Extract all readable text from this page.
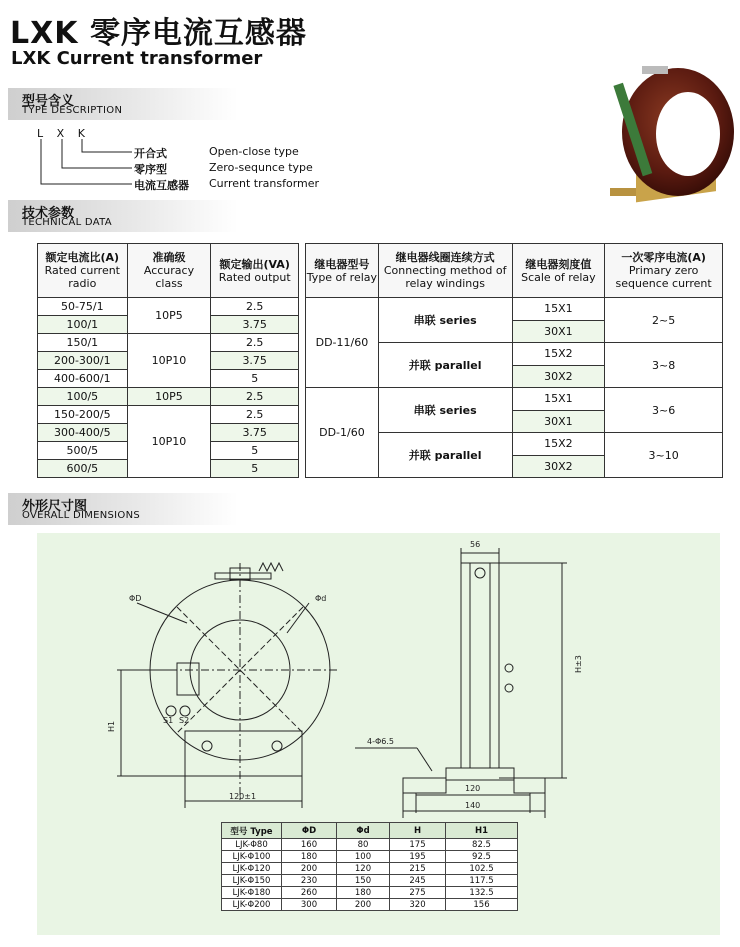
LXK 零序电流互感器
LXK Current transformer
型号含义
TYPE DESCRIPTION
L X K
开合式	Open-close type
零序型	Zero-sequnce type
电流互感器 Current transformer
技术参数
TECHNICAL DATA
额定电流比(A)
Rated current
radio	准确级
Accuracy
class	额定输出(VA)
Rated output
50-75/1	10P5	2.5
100/1		3.75
150/1	10P10	2.5
200-300/1		3.75
400-600/1		5
100/5	10P5	2.5
150-200/5	10P10	2.5
300-400/5		3.75
500/5		5
600/5		5
继电器型号
Type of relay	继电器线圈连续方式
Connecting method of
relay windings	继电器刻度值
Scale of relay	一次零序电流(A)
Primary zero
sequence current
DD-11/60	串联 series	15X1	2~5
		30X1	
	并联 parallel	15X2	3~8
		30X2	
DD-1/60	串联 series	15X1	3~6
		30X1	
	并联 parallel	15X2	3~10
		30X2	
外形尺寸图
OVERALL DIMENSIONS
ΦD	Φd
H1
S1 S2
120±1
56
H±3
4-Φ6.5
120
140
型号 Type	ΦD	Φd	H	H1
LJK-Φ80	160	80	175	82.5
LJK-Φ100	180	100	195	92.5
LJK-Φ120	200	120	215	102.5
LJK-Φ150	230	150	245	117.5
LJK-Φ180	260	180	275	132.5
LJK-Φ200	300	200	320	156
